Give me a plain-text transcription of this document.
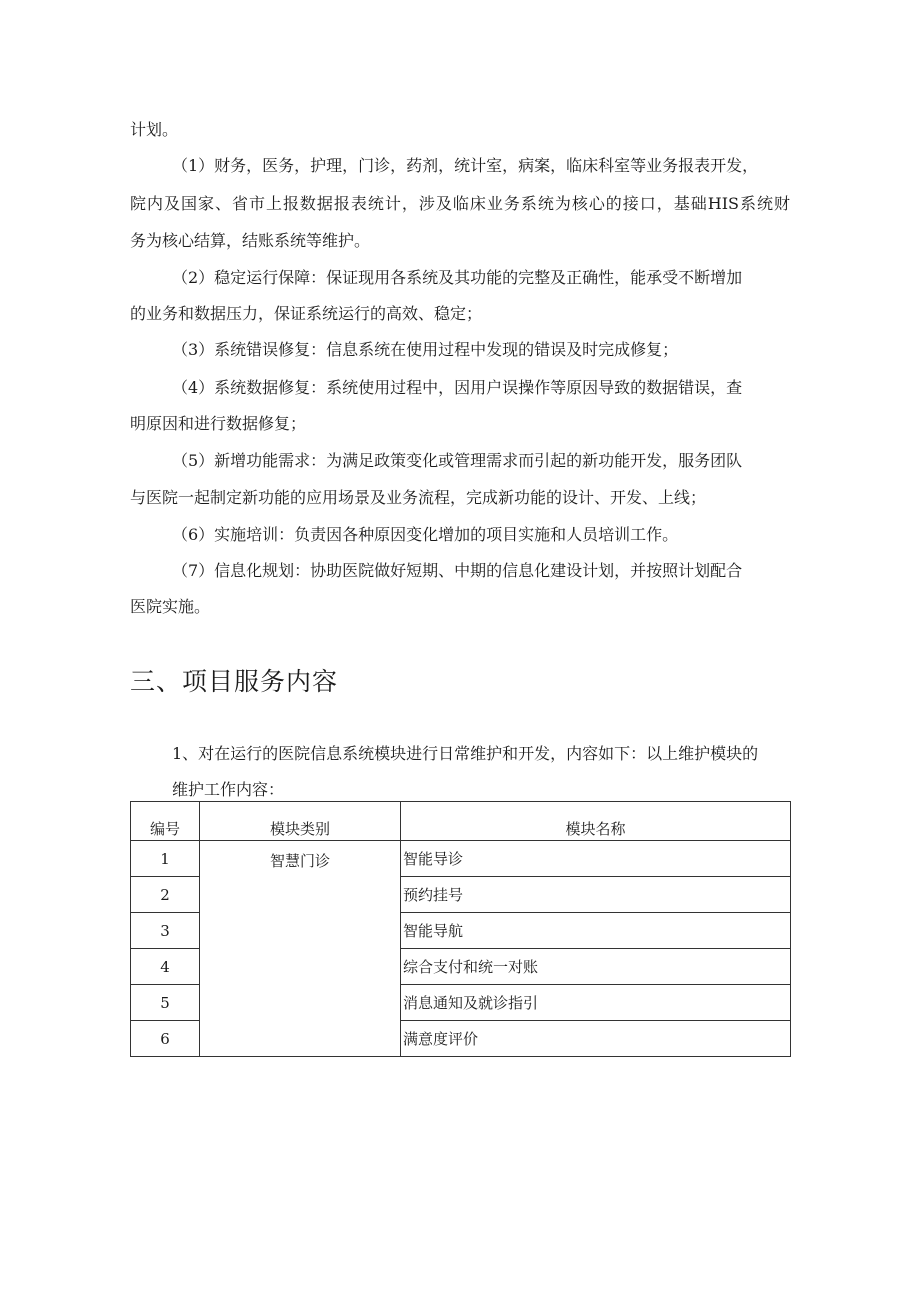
计划。
（1）财务，医务，护理，门诊，药剂，统计室，病案，临床科室等业务报表开发，
院内及国家、省市上报数据报表统计，涉及临床业务系统为核心的接口，基础HIS系统财
务为核心结算，结账系统等维护。
（2）稳定运行保障：保证现用各系统及其功能的完整及正确性，能承受不断增加
的业务和数据压力，保证系统运行的高效、稳定；
（3）系统错误修复：信息系统在使用过程中发现的错误及时完成修复；
（4）系统数据修复：系统使用过程中，因用户误操作等原因导致的数据错误，查
明原因和进行数据修复；
（5）新增功能需求：为满足政策变化或管理需求而引起的新功能开发，服务团队
与医院一起制定新功能的应用场景及业务流程，完成新功能的设计、开发、上线；
（6）实施培训：负责因各种原因变化增加的项目实施和人员培训工作。
（7）信息化规划：协助医院做好短期、中期的信息化建设计划，并按照计划配合
医院实施。
三、项目服务内容
1、对在运行的医院信息系统模块进行日常维护和开发，内容如下：以上维护模块的
维护工作内容：
编号	模块类别	模块名称
1	智慧门诊	智能导诊
2		预约挂号
3		智能导航
4		综合支付和统一对账
5		消息通知及就诊指引
6		满意度评价
